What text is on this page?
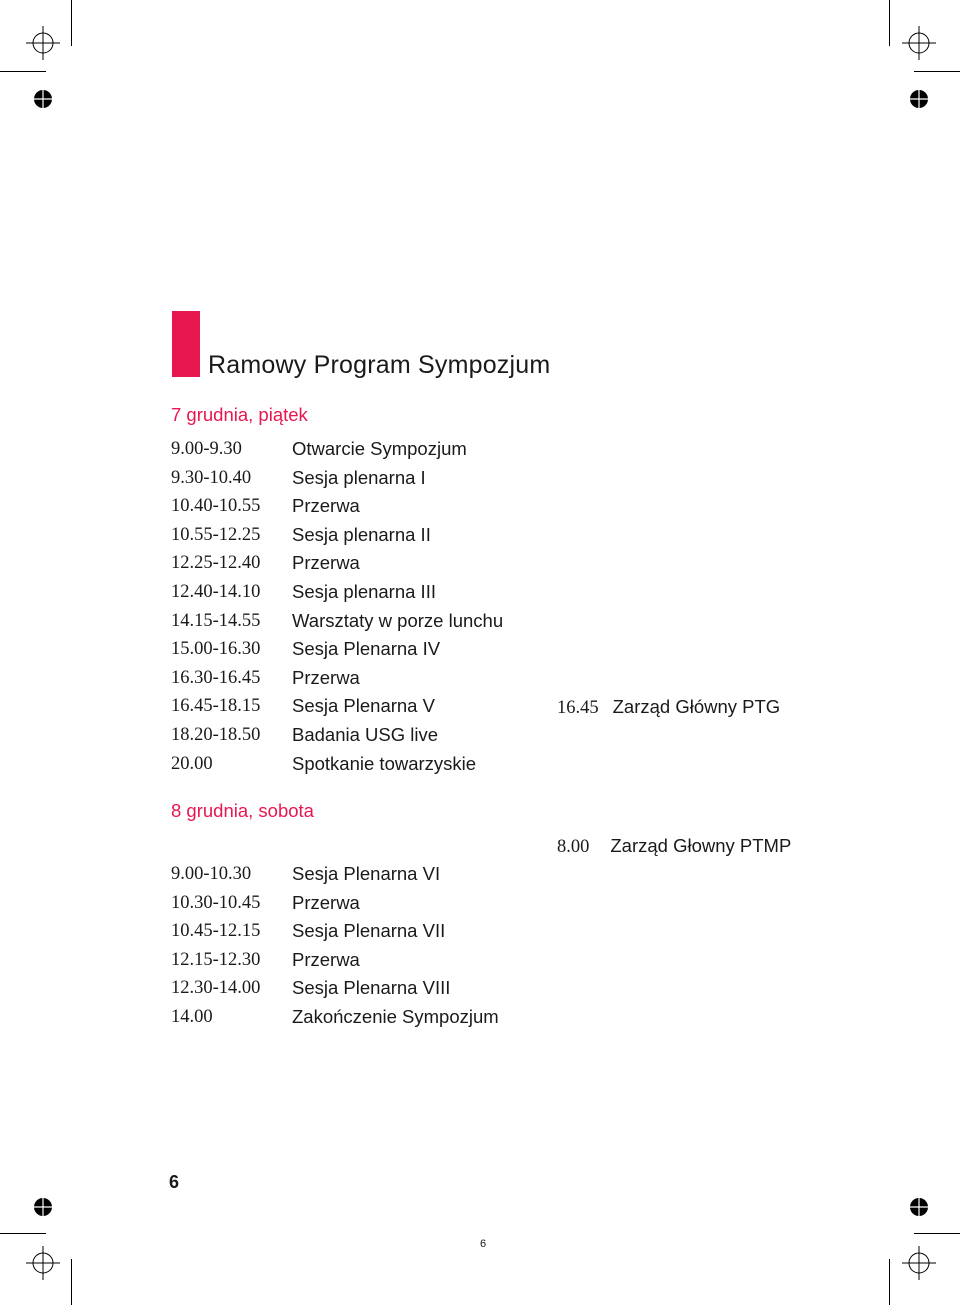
Ramowy Program Sympozjum
7 grudnia, piątek
9.00-9.30	Otwarcie Sympozjum
9.30-10.40 Sesja plenarna I
10.40-10.55 Przerwa
10.55-12.25 Sesja plenarna II
12.25-12.40 Przerwa
12.40-14.10 Sesja plenarna III
14.15-14.55 Warsztaty w porze lunchu
15.00-16.30 Sesja Plenarna IV
16.30-16.45 Przerwa
16.45-18.15 Sesja Plenarna V
18.20-18.50 Badania USG live
20.00	Spotkanie towarzyskie
16.45 Zarząd Główny PTG
8 grudnia, sobota
8.00 Zarząd Głowny PTMP
9.00-10.30 Sesja Plenarna VI
10.30-10.45 Przerwa
10.45-12.15 Sesja Plenarna VII
12.15-12.30 Przerwa
12.30-14.00 Sesja Plenarna VIII
14.00	Zakończenie Sympozjum
6
6
